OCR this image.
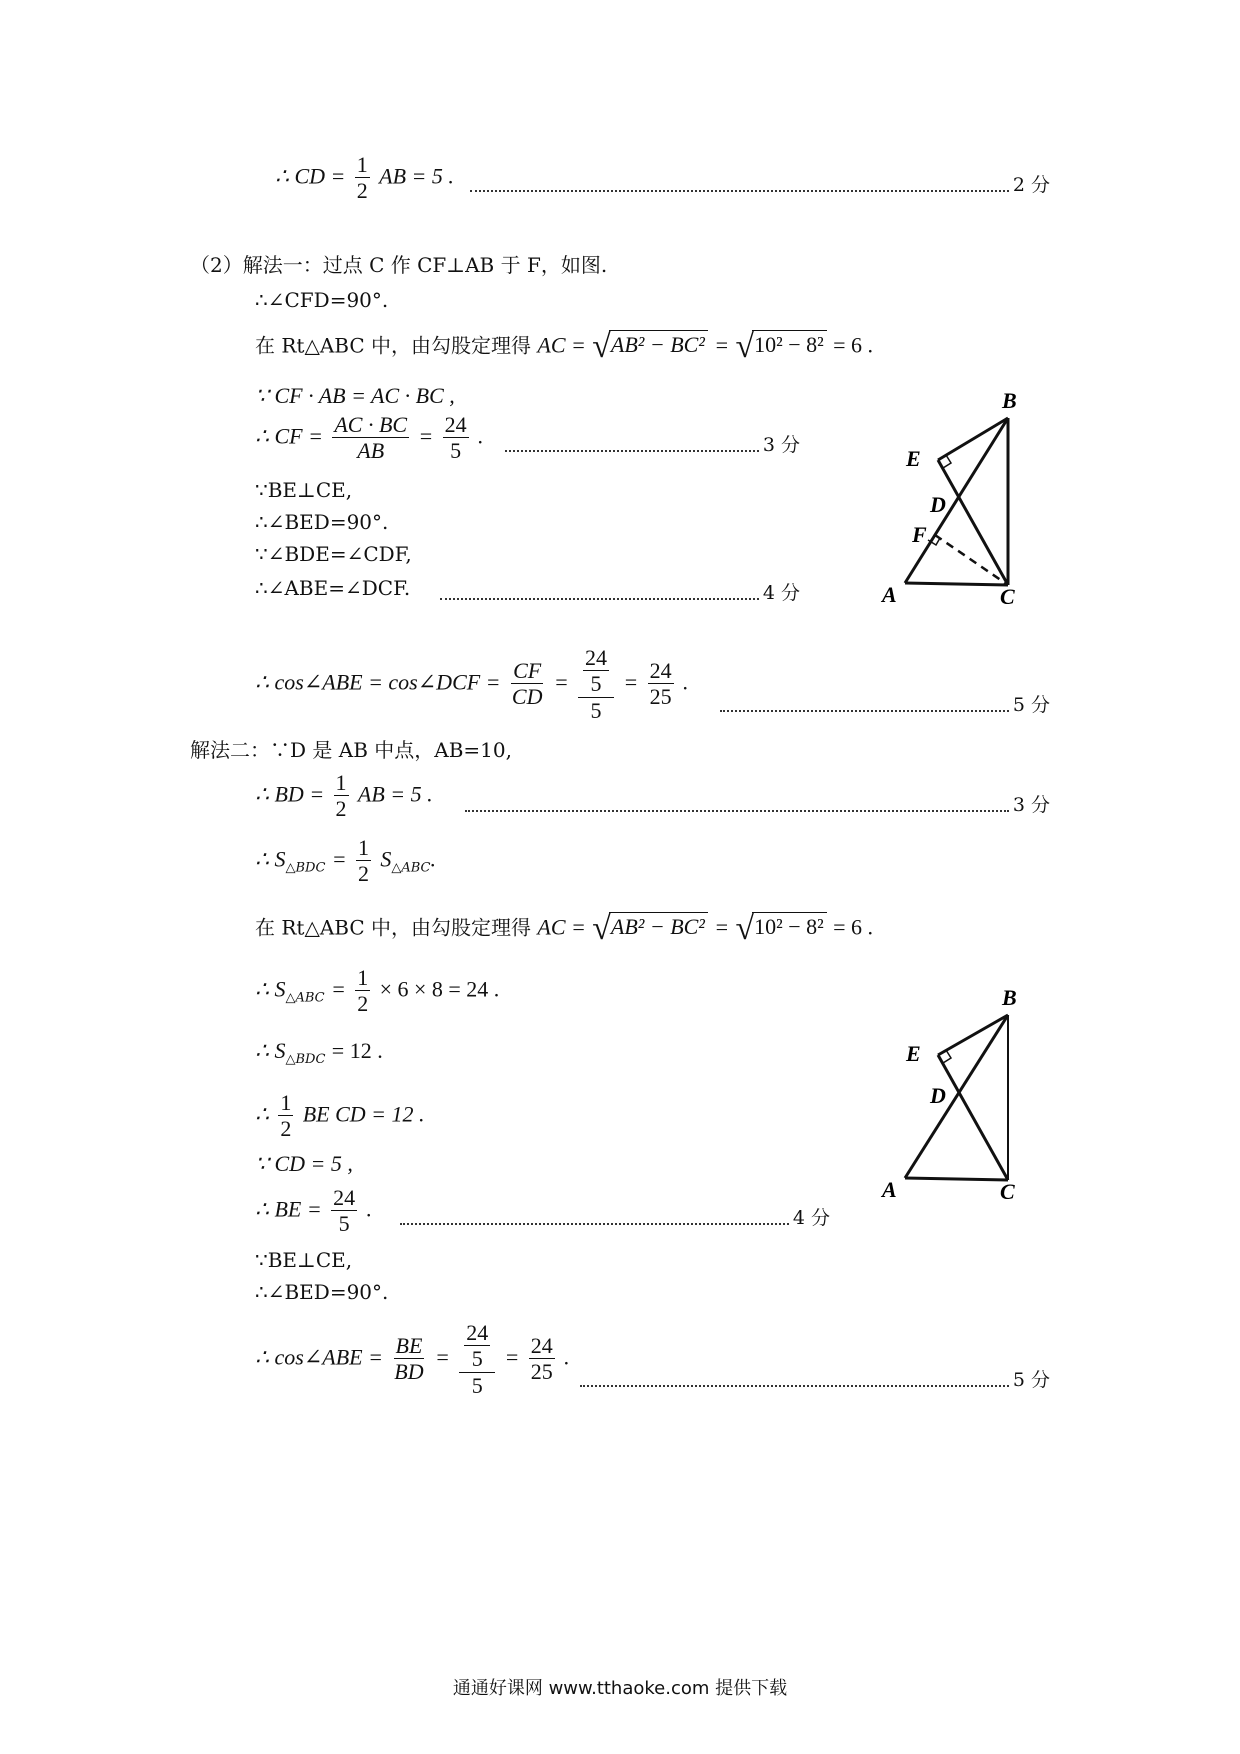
∴ CD = $\frac{1}{2}$ AB = 5 .	2 分
（2）解法一：过点 C 作 CF⊥AB 于 F，如图.
∴∠CFD=90°.
在 Rt△ABC 中，由勾股定理得 AC = √ AB² − BC² = √ 10² − 8² = 6 .
∵ CF · AB = AC · BC ,
∴ CF = $\frac{AC \cdot BC}{AB} = \frac{24}{5}$ .	3 分
∵BE⊥CE,
∴∠BED=90°.
∵∠BDE=∠CDF,
∴∠ABE=∠DCF.	4 分
B
E
D
F
A	C
∴ cos∠ABE = cos∠DCF = $\frac{CF}{CD} = \frac{\frac{24}{5}}{5} = \frac{24}{25}$ .
5 分
解法二：∵D 是 AB 中点，AB=10,
∴ BD = $\frac{1}{2}$ AB = 5 .	3 分
∴ $S_{\triangle BDC} = \frac{1}{2} S_{\triangle ABC}$.
在 Rt△ABC 中，由勾股定理得 AC = √ AB² − BC² = √ 10² − 8² = 6 .
∴ $S_{\triangle ABC} = \frac{1}{2} \times 6 \times 8 = 24$ .
∴ $S_{\triangle BDC} = 12$ .
∴ $\frac{1}{2}$ BE CD = 12 .
∵ CD = 5 ,
∴ BE = $\frac{24}{5}$ .	4 分
∵BE⊥CE,
∴∠BED=90°.
B
E
D
A	C
∴ cos∠ABE = $\frac{BE}{BD} = \frac{\frac{24}{5}}{5} = \frac{24}{25}$ .
5 分
通通好课网 www.tthaoke.com 提供下载
